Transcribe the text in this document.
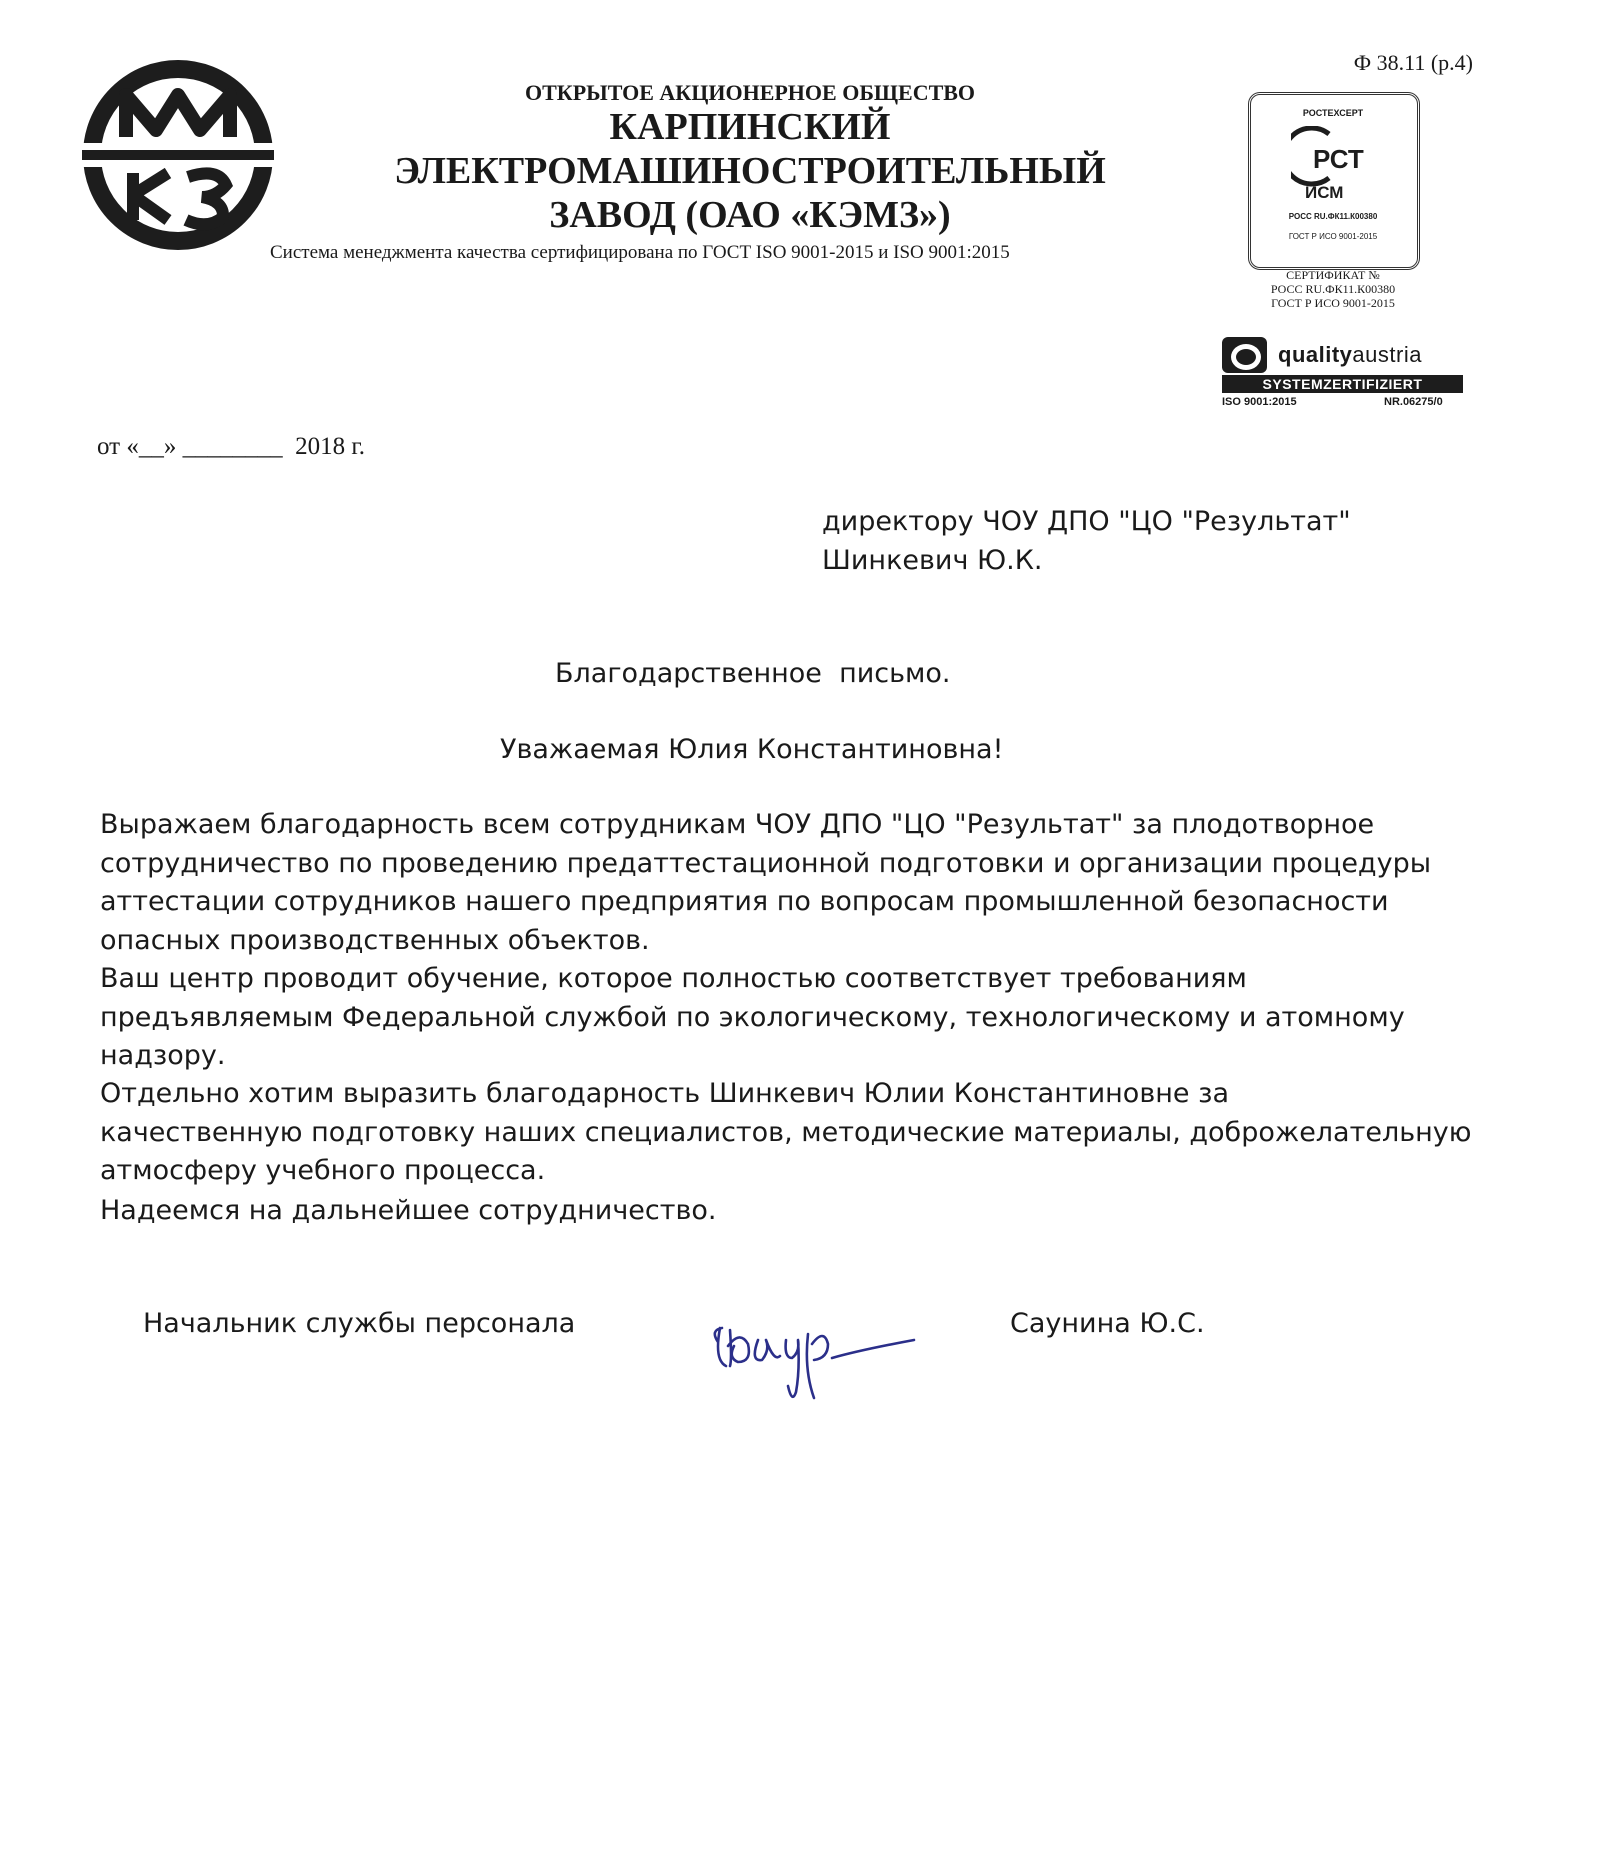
Ф 38.11 (р.4)
ОТКРЫТОЕ АКЦИОНЕРНОЕ ОБЩЕСТВО
КАРПИНСКИЙ
ЭЛЕКТРОМАШИНОСТРОИТЕЛЬНЫЙ
ЗАВОД (ОАО «КЭМЗ»)
Система менеджмента качества сертифицирована по ГОСТ ISO 9001-2015 и ISO 9001:2015
РОСТЕХСЕРТ
РСТ
ИСМ
РОСС RU.ФК11.К00380
ГОСТ Р ИСО 9001-2015
СЕРТИФИКАТ №
РОСС RU.ФК11.К00380
ГОСТ Р ИСО 9001-2015
qualityaustria
SYSTEMZERTIFIZIERT
ISO 9001:2015	NR.06275/0
от «__» ________  2018 г.
директору ЧОУ ДПО "ЦО "Результат"
Шинкевич Ю.К.
Благодарственное  письмо.
Уважаемая Юлия Константиновна!
Выражаем благодарность всем сотрудникам ЧОУ ДПО "ЦО "Результат" за плодотворное
сотрудничество по проведению предаттестационной подготовки и организации процедуры
аттестации сотрудников нашего предприятия по вопросам промышленной безопасности
опасных производственных объектов.
Ваш центр проводит обучение, которое полностью соответствует требованиям
предъявляемым Федеральной службой по экологическому, технологическому и атомному
надзору.
Отдельно хотим выразить благодарность Шинкевич Юлии Константиновне за
качественную подготовку наших специалистов, методические материалы, доброжелательную
атмосферу учебного процесса.
Надеемся на дальнейшее сотрудничество.
Начальник службы персонала	Саунина Ю.С.
